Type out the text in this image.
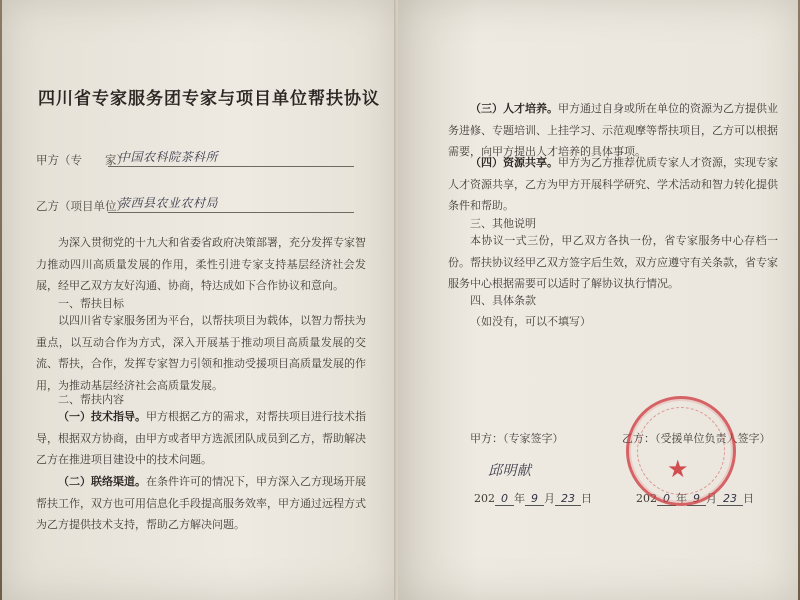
四川省专家服务团专家与项目单位帮扶协议
甲方（专　　家）
中国农科院茶科所
乙方（项目单位）
荥西县农业农村局
为深入贯彻党的十九大和省委省政府决策部署，充分发挥专家智力推动四川高质量发展的作用，柔性引进专家支持基层经济社会发展，经甲乙双方友好沟通、协商，特达成如下合作协议和意向。
一、帮扶目标
以四川省专家服务团为平台，以帮扶项目为载体，以智力帮扶为重点，以互动合作为方式，深入开展基于推动项目高质量发展的交流、帮扶，合作，发挥专家智力引领和推动受援项目高质量发展的作用，为推动基层经济社会高质量发展。
二、帮扶内容
（一）技术指导。甲方根据乙方的需求，对帮扶项目进行技术指导，根据双方协商，由甲方或者甲方选派团队成员到乙方，帮助解决乙方在推进项目建设中的技术问题。
（二）联络渠道。在条件许可的情况下，甲方深入乙方现场开展帮扶工作，双方也可用信息化手段提高服务效率，甲方通过远程方式为乙方提供技术支持，帮助乙方解决问题。
（三）人才培养。甲方通过自身或所在单位的资源为乙方提供业务进修、专题培训、上挂学习、示范观摩等帮扶项目，乙方可以根据需要，向甲方提出人才培养的具体事项。
（四）资源共享。甲方为乙方推荐优质专家人才资源，实现专家人才资源共享，乙方为甲方开展科学研究、学术活动和智力转化提供条件和帮助。
三、其他说明
本协议一式三份，甲乙双方各执一份，省专家服务中心存档一份。帮扶协议经甲乙双方签字后生效，双方应遵守有关条款，省专家服务中心根据需要可以适时了解协议执行情况。
四、具体条款
（如没有，可以不填写）
甲方：（专家签字）
邱明献
乙方：（受援单位负责人签字）
202 0 年 9 月 23 日	202 0 年 9 月 23 日
★
